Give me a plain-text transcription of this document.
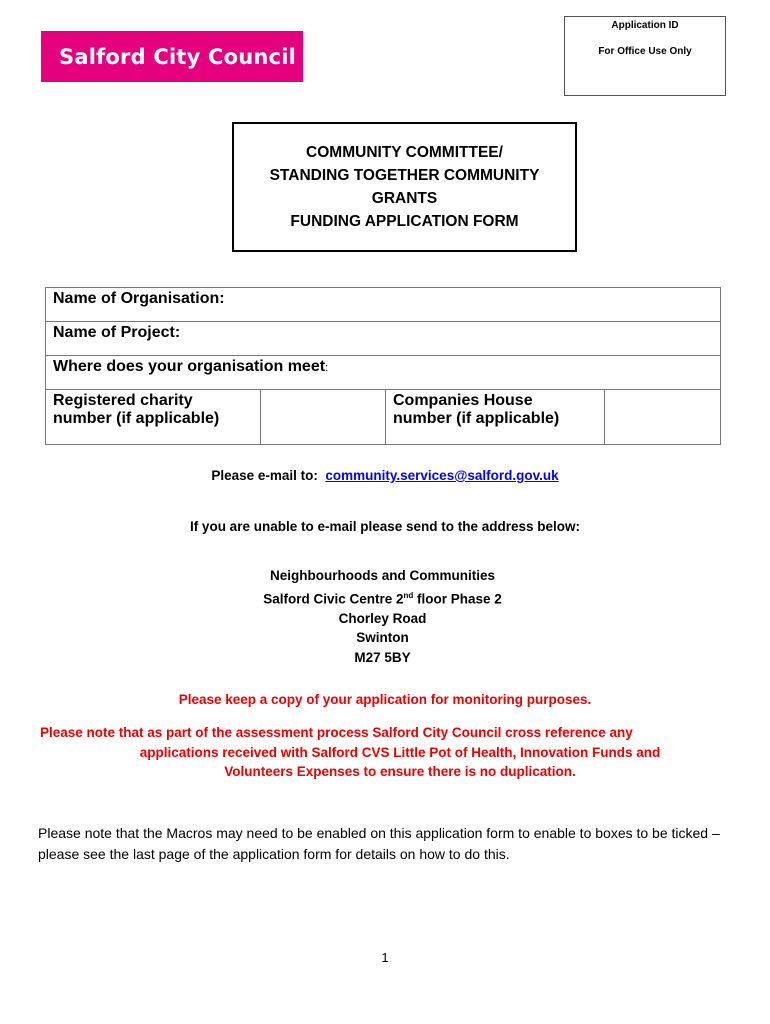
Salford City Council
Application ID
For Office Use Only
COMMUNITY COMMITTEE/
STANDING TOGETHER COMMUNITY
GRANTS
FUNDING APPLICATION FORM
Name of Organisation:
Name of Project:
Where does your organisation meet:

Registered charity
number (if applicable)

Companies House
number (if applicable)

Please e-mail to:  community.services@salford.gov.uk
If you are unable to e-mail please send to the address below:
Neighbourhoods and Communities
Salford Civic Centre 2nd floor Phase 2
Chorley Road
Swinton
M27 5BY
Please keep a copy of your application for monitoring purposes.
Please note that as part of the assessment process Salford City Council cross reference any
applications received with Salford CVS Little Pot of Health, Innovation Funds and
Volunteers Expenses to ensure there is no duplication.
Please note that the Macros may need to be enabled on this application form to enable to boxes to be ticked – please see the last page of the application form for details on how to do this.
1
